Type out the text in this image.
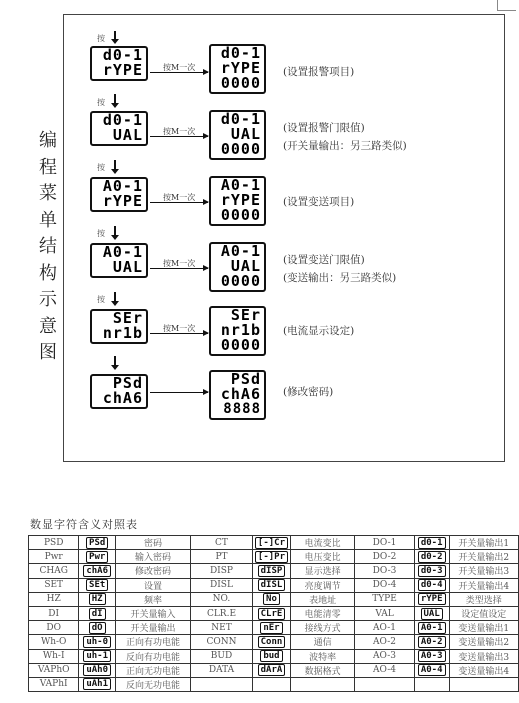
编
程
菜
单
结
构
示
意
图
按
d0-1
rYPE	按M一次
d0-1
rYPE
0000
(设置报警项目)
按
d0-1
UAL	按M一次
d0-1
UAL
0000
(设置报警门限值)
(开关量输出：另三路类似)
按
A0-1
rYPE	按M一次
A0-1
rYPE
0000
(设置变送项目)
按
A0-1
UAL	按M一次
A0-1
UAL
0000
(设置变送门限值)
(变送输出：另三路类似)
按
SEr
nr1b	按M一次
SEr
nr1b
0000
(电流显示设定)
PSd
chA6
PSd
chA6
8888
(修改密码)
数显字符含义对照表
PSD	PSd	密码	CT	[-]Cr	电流变比	DO-1	d0-1	开关量输出1
Pwr	Pwr	输入密码	PT	[-]Pr	电压变比	DO-2	d0-2	开关量输出2
CHAG	chA6	修改密码	DISP	dISP	显示选择	DO-3	d0-3	开关量输出3
SET	SEt	设置	DISL	dISL	亮度调节	DO-4	d0-4	开关量输出4
HZ	HZ	频率	NO.	No	表地址	TYPE	rYPE	类型选择
DI	dI	开关量输入	CLR.E	CLrE	电能清零	VAL	UAL	设定值设定
DO	dO	开关量输出	NET	nEr	接线方式	AO-1	A0-1	变送量输出1
Wh-O	uh-0	正向有功电能	CONN	Conn	通信	AO-2	A0-2	变送量输出2
Wh-I	uh-1	反向有功电能	BUD	bud	波特率	AO-3	A0-3	变送量输出3
VAPhO	uAh0	正向无功电能	DATA	dArA	数据格式	AO-4	A0-4	变送量输出4
VAPhI	uAh1	反向无功电能						
